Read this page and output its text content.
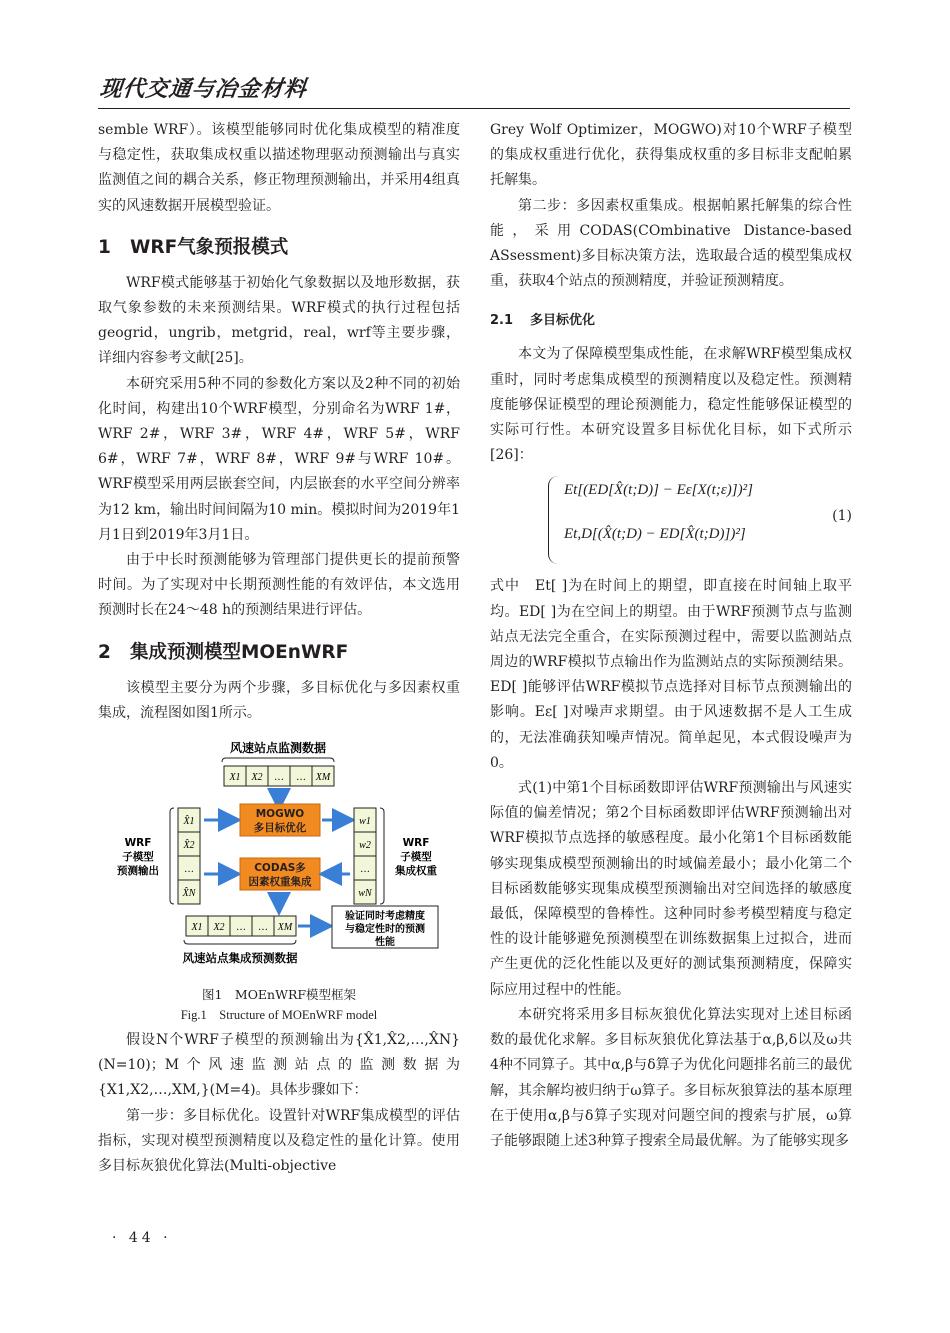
现代交通与冶金材料

semble WRF）。该模型能够同时优化集成模型的精准度与稳定性，获取集成权重以描述物理驱动预测输出与真实监测值之间的耦合关系，修正物理预测输出，并采用4组真实的风速数据开展模型验证。

1 WRF气象预报模式

WRF模式能够基于初始化气象数据以及地形数据，获取气象参数的未来预测结果。WRF模式的执行过程包括geogrid，ungrib，metgrid，real，wrf等主要步骤，详细内容参考文献[25]。

本研究采用5种不同的参数化方案以及2种不同的初始化时间，构建出10个WRF模型，分别命名为WRF 1#，WRF 2#，WRF 3#，WRF 4#，WRF 5#，WRF 6#，WRF 7#，WRF 8#，WRF 9#与WRF 10#。WRF模型采用两层嵌套空间，内层嵌套的水平空间分辨率为12 km，输出时间间隔为10 min。模拟时间为2019年1月1日到2019年3月1日。

由于中长时预测能够为管理部门提供更长的提前预警时间。为了实现对中长期预测性能的有效评估，本文选用预测时长在24～48 h的预测结果进行评估。

2 集成预测模型MOEnWRF

该模型主要分为两个步骤，多目标优化与多因素权重集成，流程图如图1所示。

风速站点监测数据
X1 X2 … … XM
X̂1
X̂2
…
X̂N
WRF
子模型
预测输出
MOGWO
多目标优化
CODAS多
因素权重集成
w1
w2
…
wN
WRF
子模型
集成权重
X1 X2 … … XM
风速站点集成预测数据
验证同时考虑精度
与稳定性时的预测
性能
图1　MOEnWRF模型框架
Fig.1　Structure of MOEnWRF model

假设N个WRF子模型的预测输出为{X̂1,X̂2,…,X̂N}(N=10)；M个风速监测站点的监测数据为{X1,X2,…,XM,}(M=4)。具体步骤如下：

第一步：多目标优化。设置针对WRF集成模型的评估指标，实现对模型预测精度以及稳定性的量化计算。使用多目标灰狼优化算法(Multi-objective

Grey Wolf Optimizer，MOGWO)对10个WRF子模型的集成权重进行优化，获得集成权重的多目标非支配帕累托解集。

第二步：多因素权重集成。根据帕累托解集的综合性能，采用CODAS(COmbinative Distance-based ASsessment)多目标决策方法，选取最合适的模型集成权重，获取4个站点的预测精度，并验证预测精度。

2.1 多目标优化

本文为了保障模型集成性能，在求解WRF模型集成权重时，同时考虑集成模型的预测精度以及稳定性。预测精度能够保证模型的理论预测能力，稳定性能够保证模型的实际可行性。本研究设置多目标优化目标，如下式所示[26]：

Et[(ED[X̂(t;D)] − Eε[X(t;ε)])²]
Et,D[(X̂(t;D) − ED[X̂(t;D)])²]
(1)

式中　Et[ ]为在时间上的期望，即直接在时间轴上取平均。ED[ ]为在空间上的期望。由于WRF预测节点与监测站点无法完全重合，在实际预测过程中，需要以监测站点周边的WRF模拟节点输出作为监测站点的实际预测结果。ED[ ]能够评估WRF模拟节点选择对目标节点预测输出的影响。Eε[ ]对噪声求期望。由于风速数据不是人工生成的，无法准确获知噪声情况。简单起见，本式假设噪声为0。

式(1)中第1个目标函数即评估WRF预测输出与风速实际值的偏差情况；第2个目标函数即评估WRF预测输出对WRF模拟节点选择的敏感程度。最小化第1个目标函数能够实现集成模型预测输出的时域偏差最小；最小化第二个目标函数能够实现集成模型预测输出对空间选择的敏感度最低，保障模型的鲁棒性。这种同时参考模型精度与稳定性的设计能够避免预测模型在训练数据集上过拟合，进而产生更优的泛化性能以及更好的测试集预测精度，保障实际应用过程中的性能。

本研究将采用多目标灰狼优化算法实现对上述目标函数的最优化求解。多目标灰狼优化算法基于α,β,δ以及ω共4种不同算子。其中α,β与δ算子为优化问题排名前三的最优解，其余解均被归纳于ω算子。多目标灰狼算法的基本原理在于使用α,β与δ算子实现对问题空间的搜索与扩展，ω算子能够跟随上述3种算子搜索全局最优解。为了能够实现多

· 44 ·
